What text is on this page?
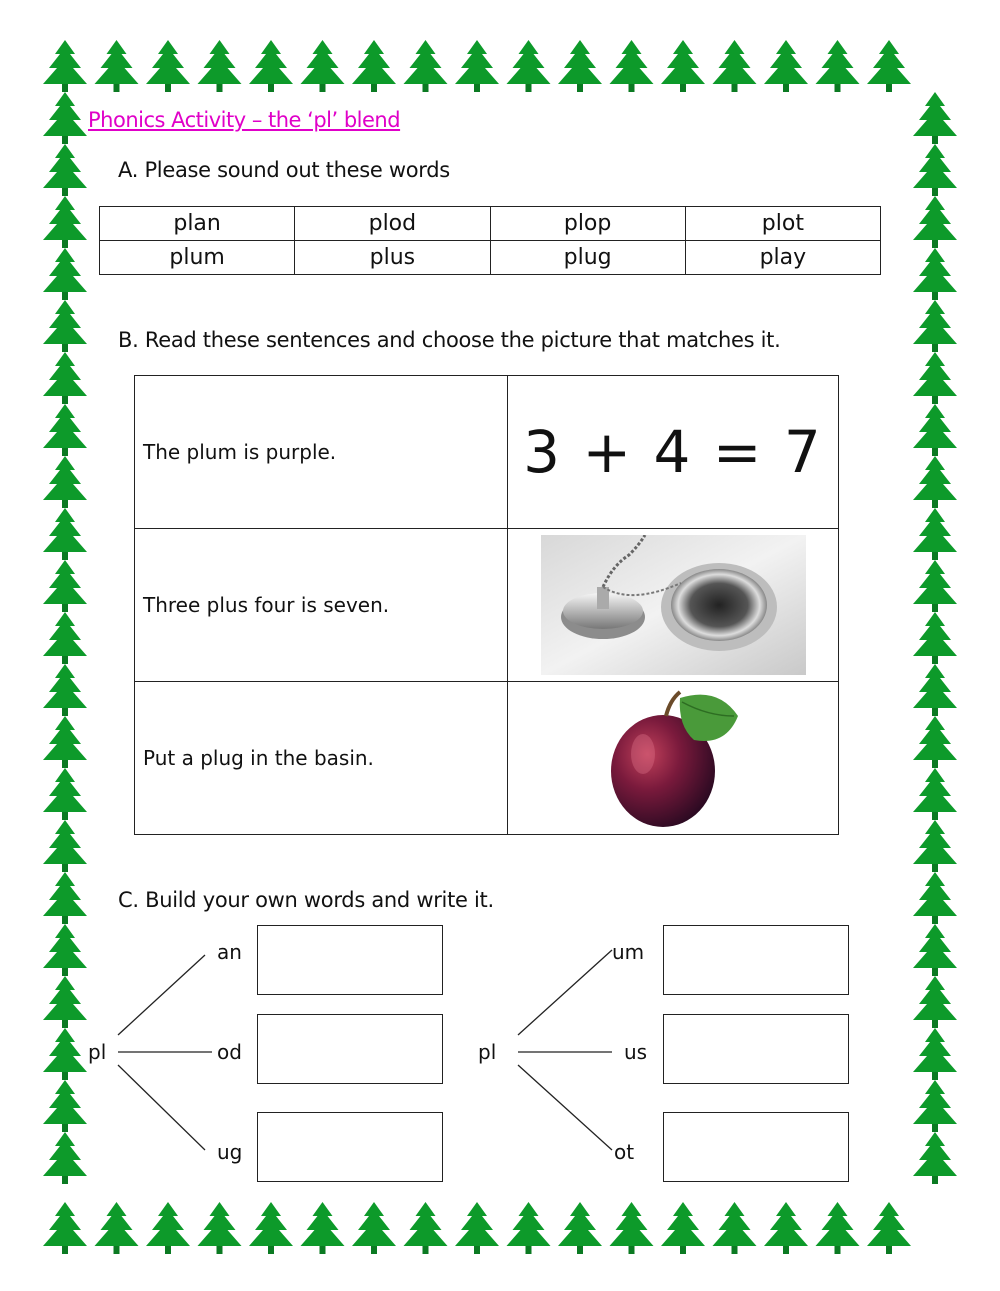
Phonics Activity – the ‘pl’ blend
A. Please sound out these words
plan	plod	plop	plot
plum	plus	plug	play
B. Read these sentences and choose the picture that matches it.
The plum is purple.	3 + 4 = 7
Three plus four is seven.	

Put a plug in the basin.	
C. Build your own words and write it.
pl
an
od
ug
pl
um
us
ot
